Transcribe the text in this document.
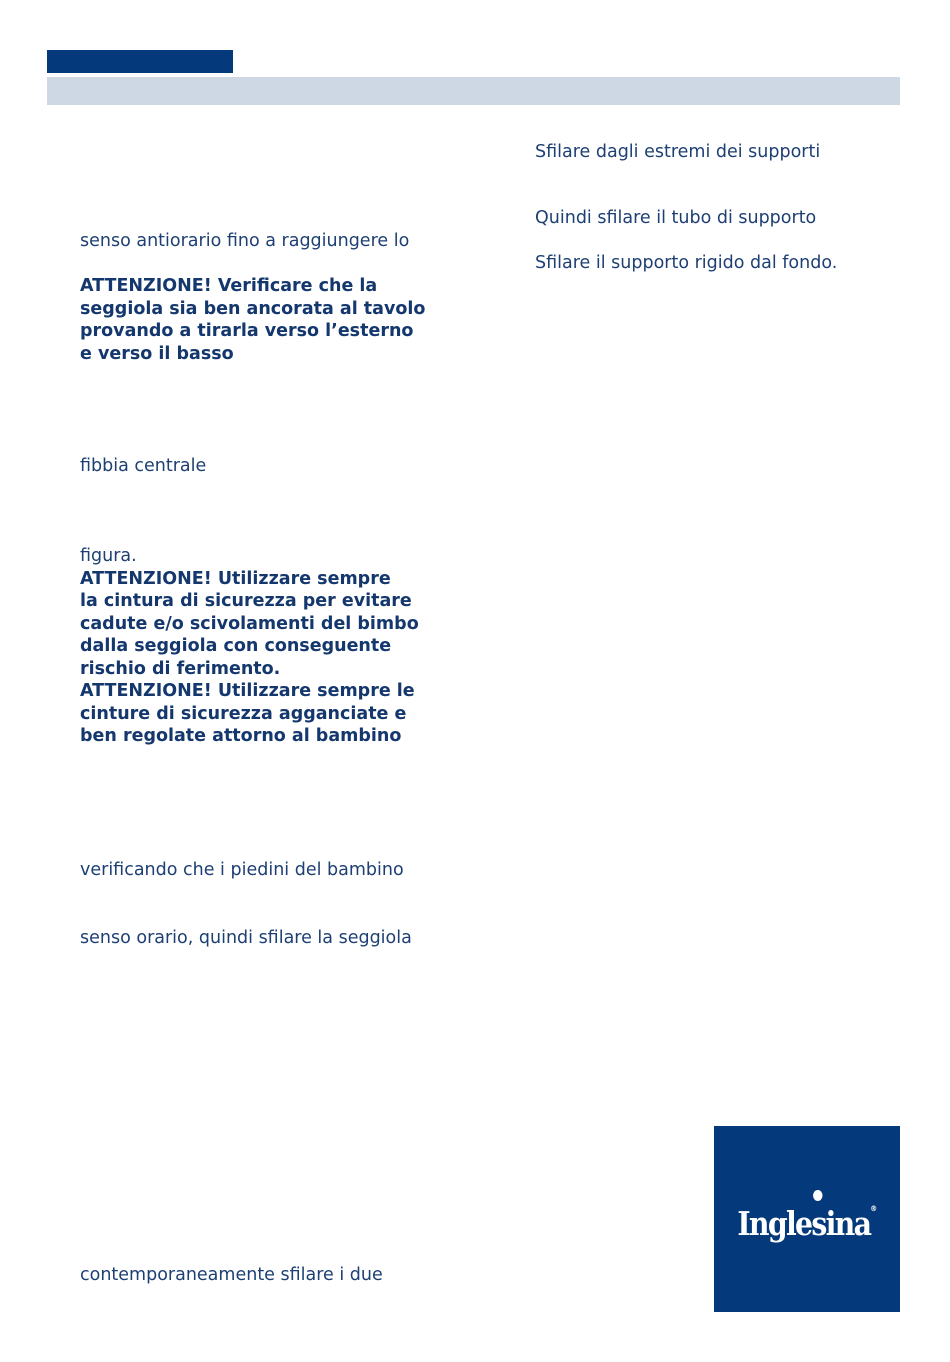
senso antiorario fino a raggiungere lo

ATTENZIONE! Verificare che la

seggiola sia ben ancorata al tavolo

provando a tirarla verso l’esterno

e verso il basso

fibbia centrale

figura.

ATTENZIONE! Utilizzare sempre

la cintura di sicurezza per evitare

cadute e/o scivolamenti del bimbo

dalla seggiola con conseguente

rischio di ferimento.

ATTENZIONE! Utilizzare sempre le

cinture di sicurezza agganciate e

ben regolate attorno al bambino

verificando che i piedini del bambino

senso orario, quindi sfilare la seggiola

contemporaneamente sfilare i due

Sfilare dagli estremi dei supporti

Quindi sfilare il tubo di supporto

Sfilare il supporto rigido dal fondo.

Inglesina®
